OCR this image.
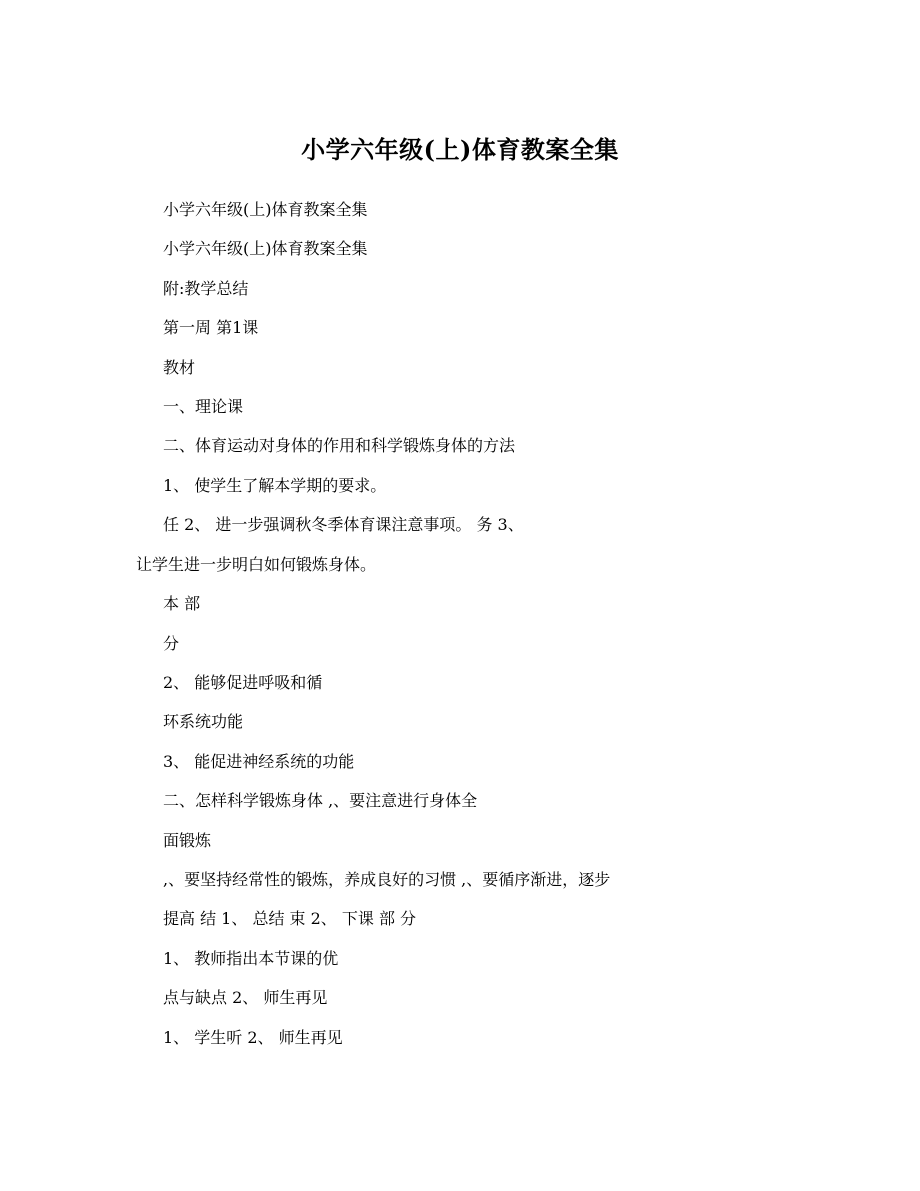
小学六年级(上)体育教案全集
小学六年级(上)体育教案全集
小学六年级(上)体育教案全集
附:教学总结
第一周 第1课
教材
一、理论课
二、体育运动对身体的作用和科学锻炼身体的方法
1、 使学生了解本学期的要求。
任 2、 进一步强调秋冬季体育课注意事项。 务 3、
让学生进一步明白如何锻炼身体。
本 部
分
2、 能够促进呼吸和循
环系统功能
3、 能促进神经系统的功能
二、怎样科学锻炼身体 ,、要注意进行身体全
面锻炼
,、要坚持经常性的锻炼，养成良好的习惯 ,、要循序渐进，逐步
提高 结 1、 总结 束 2、 下课 部 分
1、 教师指出本节课的优
点与缺点 2、 师生再见
1、 学生听 2、 师生再见
